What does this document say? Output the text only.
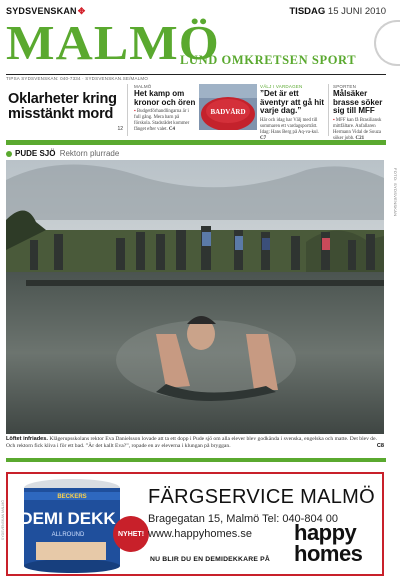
SYDSVENSKAN✥	TISDAG 15 JUNI 2010
MALMÖ
LUND OMKRETSEN SPORT
TIPSA SYDSVENSKAN: 040-7334 · SYDSVENSKAN.SE/MALMO
Oklarheter kring misstänkt mord
12
MALMÖ
Het kamp om kronor och ören
▪ Budgetförhandlingarna är i full gång. Mera barn på förskola. Stadsrådet kommer fånget efter valet. C4
BADVÄRD
VÄLJ I VARDAGEN
”Det är ett äventyr att gå hit varje dag.”
Här och idag har Välj med till sommaren ett vardagsporträtt. Idag: Hans Berg på Aq-va-kul. C7
SPORTEN
Målsäker brasse söker sig till MFF
▪ MFF kan få Brasiliansk mittfältare. Anfallaren Hermann Vidal de Souza söker jobb. C21
PUDE SJÖ Rektorn plurrade
FOTO: SYDSVENSKAN
Löftet infriades. Klågerupsskolans rektor Eva Danielsson lovade att ta ett dopp i Pude sjö om alla elever blev godkända i svenska, engelska och matte. Det blev de. Och rektorn fick kliva i för ett bad. ”Är det kallt Eva?”, ropade en av eleverna i klungan på bryggan.	C8
BECKERS
DEMI DEKK
ALLROUND	NYHET!
FÄRGSERVICE MALMÖ
Bragegatan 15, Malmö Tel: 040-804 00
www.happyhomes.se	happy
homes
NU BLIR DU EN DEMIDEKKARE PÅ
SYDSVENSKAN MALMÖ
